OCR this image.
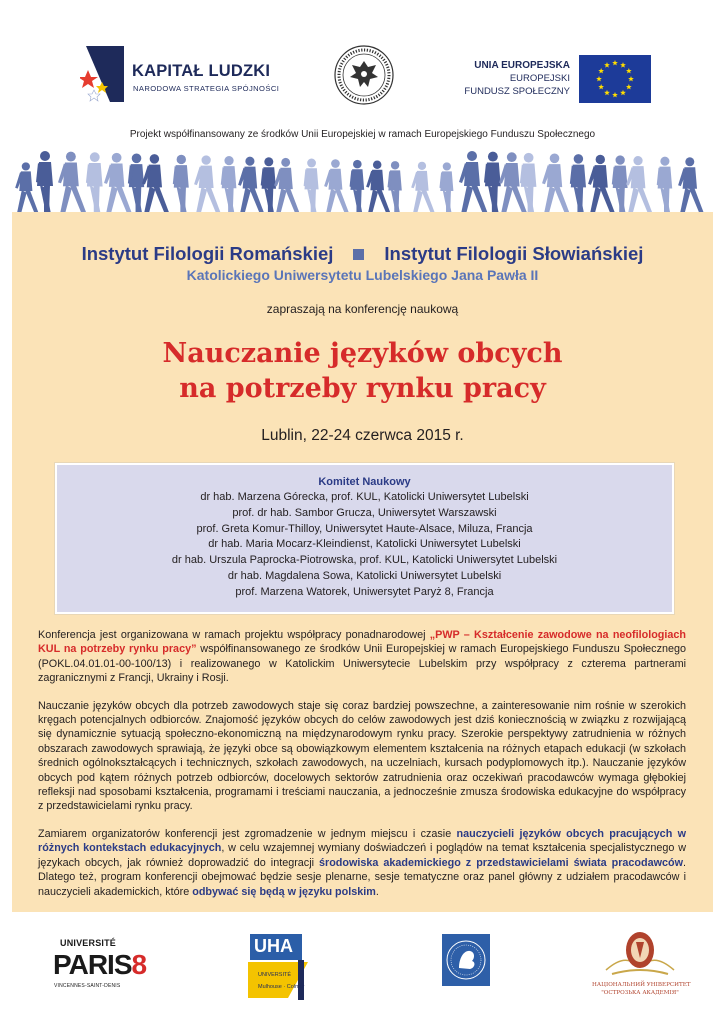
KAPITAŁ LUDZKI
NARODOWA STRATEGIA SPÓJNOŚCI
UNIA EUROPEJSKA
EUROPEJSKI
FUNDUSZ SPOŁECZNY
Projekt współfinansowany ze środków Unii Europejskiej w ramach Europejskiego Funduszu Społecznego
Instytut Filologii Romańskiej	Instytut Filologii Słowiańskiej
Katolickiego Uniwersytetu Lubelskiego Jana Pawła II
zapraszają na konferencję naukową
Nauczanie języków obcych
na potrzeby rynku pracy
Lublin, 22-24 czerwca 2015 r.
Komitet Naukowy
dr hab. Marzena Górecka, prof. KUL, Katolicki Uniwersytet Lubelski
prof. dr hab. Sambor Grucza, Uniwersytet Warszawski
prof. Greta Komur-Thilloy, Uniwersytet Haute-Alsace, Miluza, Francja
dr hab. Maria Mocarz-Kleindienst, Katolicki Uniwersytet Lubelski
dr hab. Urszula Paprocka-Piotrowska, prof. KUL, Katolicki Uniwersytet Lubelski
dr hab. Magdalena Sowa, Katolicki Uniwersytet Lubelski
prof. Marzena Watorek, Uniwersytet Paryż 8, Francja

Konferencja jest organizowana w ramach projektu współpracy ponadnarodowej „PWP – Kształcenie zawodowe na neofilologiach KUL na potrzeby rynku pracy” współfinansowanego ze środków Unii Europejskiej w ramach Europejskiego Funduszu Społecznego (POKL.04.01.01-00-100/13) i realizowanego w Katolickim Uniwersytecie Lubelskim przy współpracy z czterema partnerami zagranicznymi z Francji, Ukrainy i Rosji.

Nauczanie języków obcych dla potrzeb zawodowych staje się coraz bardziej powszechne, a zainteresowanie nim rośnie w szerokich kręgach potencjalnych odbiorców. Znajomość języków obcych do celów zawodowych jest dziś koniecznością w związku z rozwijającą się dynamicznie sytuacją społeczno-ekonomiczną na międzynarodowym rynku pracy. Szerokie perspektywy zatrudnienia w różnych obszarach zawodowych sprawiają, że języki obce są obowiązkowym elementem kształcenia na różnych etapach edukacji (w szkołach średnich ogólnokształcących i technicznych, szkołach zawodowych, na uczelniach, kursach podyplomowych itp.). Nauczanie języków obcych pod kątem różnych potrzeb odbiorców, docelowych sektorów zatrudnienia oraz oczekiwań pracodawców wymaga głębokiej refleksji nad sposobami kształcenia, programami i treściami nauczania, a jednocześnie zmusza środowiska edukacyjne do współpracy z przedstawicielami rynku pracy.

Zamiarem organizatorów konferencji jest zgromadzenie w jednym miejscu i czasie nauczycieli języków obcych pracujących w różnych kontekstach edukacyjnych, w celu wzajemnej wymiany doświadczeń i poglądów na temat kształcenia specjalistycznego w językach obcych, jak również doprowadzić do integracji środowiska akademickiego z przedstawicielami świata pracodawców. Dlatego też, program konferencji obejmować będzie sesje plenarne, sesje tematyczne oraz panel główny z udziałem pracodawców i nauczycieli akademickich, które odbywać się będą w języku polskim.

UNIVERSITÉ
PARIS8
VINCENNES-SAINT-DENIS
UHA
UNIVERSITÉ
Mulhouse · Colmar	НАЦІОНАЛЬНИЙ УНІВЕРСИТЕТ
"ОСТРОЗЬКА АКАДЕМІЯ"
